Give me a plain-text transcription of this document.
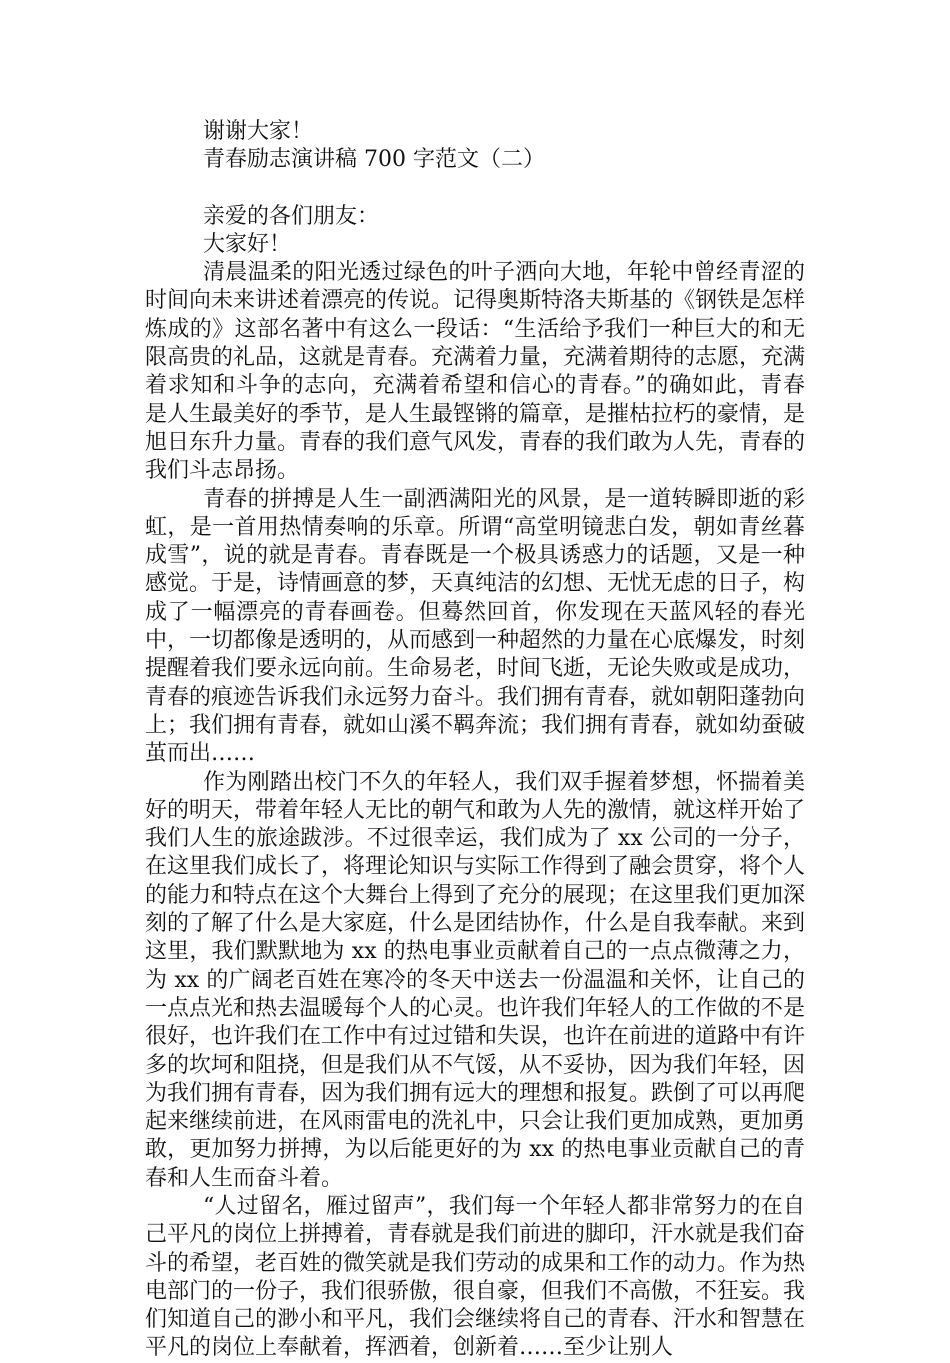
谢谢大家！

青春励志演讲稿 700 字范文（二）

亲爱的各们朋友：

大家好！

清晨温柔的阳光透过绿色的叶子洒向大地，年轮中曾经青涩的时间向未来讲述着漂亮的传说。记得奥斯特洛夫斯基的《钢铁是怎样炼成的》这部名著中有这么一段话：“生活给予我们一种巨大的和无限高贵的礼品，这就是青春。充满着力量，充满着期待的志愿，充满着求知和斗争的志向，充满着希望和信心的青春。”的确如此，青春是人生最美好的季节，是人生最铿锵的篇章，是摧枯拉朽的豪情，是旭日东升力量。青春的我们意气风发，青春的我们敢为人先，青春的我们斗志昂扬。

青春的拼搏是人生一副洒满阳光的风景，是一道转瞬即逝的彩虹，是一首用热情奏响的乐章。所谓“高堂明镜悲白发，朝如青丝暮成雪”，说的就是青春。青春既是一个极具诱惑力的话题，又是一种感觉。于是，诗情画意的梦，天真纯洁的幻想、无忧无虑的日子，构成了一幅漂亮的青春画卷。但蓦然回首，你发现在天蓝风轻的春光中，一切都像是透明的，从而感到一种超然的力量在心底爆发，时刻提醒着我们要永远向前。生命易老，时间飞逝，无论失败或是成功，青春的痕迹告诉我们永远努力奋斗。我们拥有青春，就如朝阳蓬勃向上；我们拥有青春，就如山溪不羁奔流；我们拥有青春，就如幼蚕破茧而出……

作为刚踏出校门不久的年轻人，我们双手握着梦想，怀揣着美好的明天，带着年轻人无比的朝气和敢为人先的激情，就这样开始了我们人生的旅途跋涉。不过很幸运，我们成为了 xx 公司的一分子，在这里我们成长了，将理论知识与实际工作得到了融会贯穿，将个人的能力和特点在这个大舞台上得到了充分的展现；在这里我们更加深刻的了解了什么是大家庭，什么是团结协作，什么是自我奉献。来到这里，我们默默地为 xx 的热电事业贡献着自己的一点点微薄之力，为 xx 的广阔老百姓在寒冷的冬天中送去一份温温和关怀，让自己的一点点光和热去温暖每个人的心灵。也许我们年轻人的工作做的不是很好，也许我们在工作中有过过错和失误，也许在前进的道路中有许多的坎坷和阻挠，但是我们从不气馁，从不妥协，因为我们年轻，因为我们拥有青春，因为我们拥有远大的理想和报复。跌倒了可以再爬起来继续前进，在风雨雷电的洗礼中，只会让我们更加成熟，更加勇敢，更加努力拼搏，为以后能更好的为 xx 的热电事业贡献自己的青春和人生而奋斗着。

“人过留名，雁过留声”，我们每一个年轻人都非常努力的在自己平凡的岗位上拼搏着，青春就是我们前进的脚印，汗水就是我们奋斗的希望，老百姓的微笑就是我们劳动的成果和工作的动力。作为热电部门的一份子，我们很骄傲，很自豪，但我们不高傲，不狂妄。我们知道自己的渺小和平凡，我们会继续将自己的青春、汗水和智慧在平凡的岗位上奉献着，挥洒着，创新着……至少让别人
